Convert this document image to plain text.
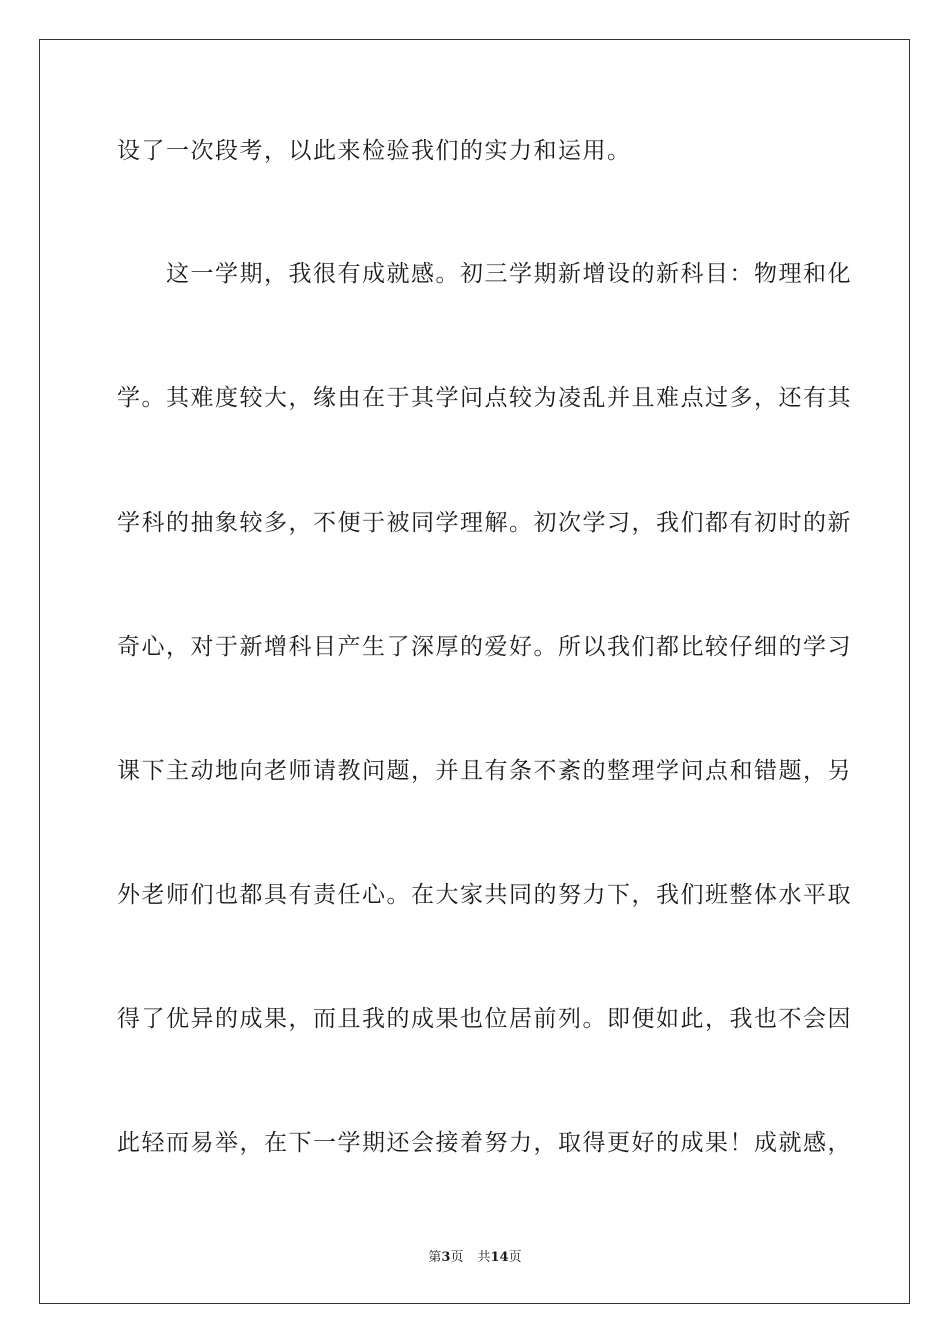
设了一次段考，以此来检验我们的实力和运用。

　　这一学期，我很有成就感。初三学期新增设的新科目：物理和化

学。其难度较大，缘由在于其学问点较为凌乱并且难点过多，还有其

学科的抽象较多，不便于被同学理解。初次学习，我们都有初时的新

奇心，对于新增科目产生了深厚的爱好。所以我们都比较仔细的学习

课下主动地向老师请教问题，并且有条不紊的整理学问点和错题，另

外老师们也都具有责任心。在大家共同的努力下，我们班整体水平取

得了优异的成果，而且我的成果也位居前列。即便如此，我也不会因

此轻而易举，在下一学期还会接着努力，取得更好的成果！成就感，

第3页 共14页
